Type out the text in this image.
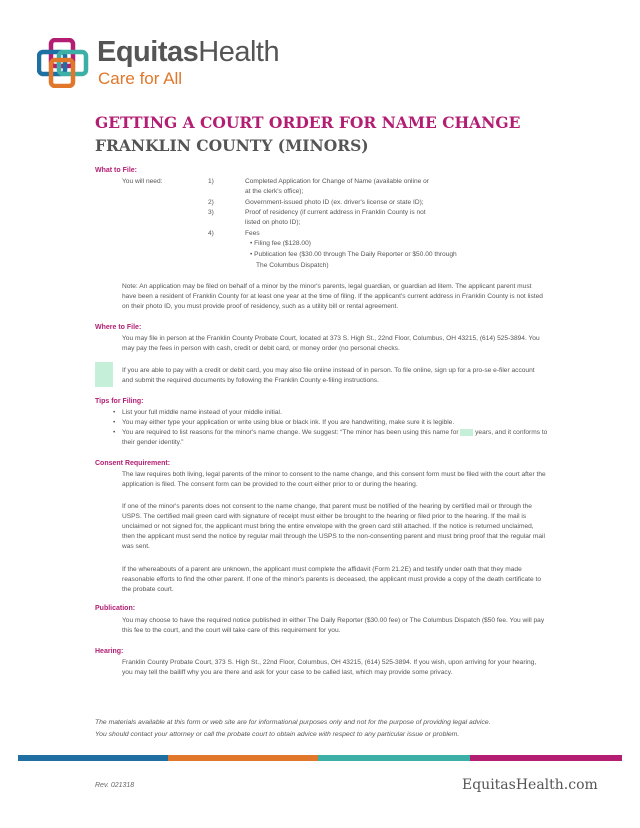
EquitasHealth
Care for All
GETTING A COURT ORDER FOR NAME CHANGE
FRANKLIN COUNTY (MINORS)
What to File:
You will need:	1)	Completed Application for Change of Name (available online or
at the clerk's office);
2)	Government-issued photo ID (ex. driver's license or state ID);
3)	Proof of residency (if current address in Franklin County is not
listed on photo ID);
4)	Fees
• Filing fee ($128.00)
• Publication fee ($30.00 through The Daily Reporter or $50.00 through
The Columbus Dispatch)
Note: An application may be filed on behalf of a minor by the minor's parents, legal guardian, or guardian ad litem. The applicant parent must have been a resident of Franklin County for at least one year at the time of filing. If the applicant's current address in Franklin County is not listed on their photo ID, you must provide proof of residency, such as a utility bill or rental agreement.
Where to File:
You may file in person at the Franklin County Probate Court, located at 373 S. High St., 22nd Floor, Columbus, OH 43215, (614) 525-3894. You may pay the fees in person with cash, credit or debit card, or money order (no personal checks.
If you are able to pay with a credit or debit card, you may also file online instead of in person. To file online, sign up for a pro-se e-filer account and submit the required documents by following the Franklin County e-filing instructions.
Tips for Filing:
• List your full middle name instead of your middle initial.
• You may either type your application or write using blue or black ink. If you are handwriting, make sure it is legible.
• You are required to list reasons for the minor's name change. We suggest: “The minor has been using this name for         years, and it conforms to their gender identity.”
Consent Requirement:
The law requires both living, legal parents of the minor to consent to the name change, and this consent form must be filed with the court after the application is filed. The consent form can be provided to the court either prior to or during the hearing.
If one of the minor's parents does not consent to the name change, that parent must be notified of the hearing by certified mail or through the USPS. The certified mail green card with signature of receipt must either be brought to the hearing or filed prior to the hearing. If the mail is unclaimed or not signed for, the applicant must bring the entire envelope with the green card still attached. If the notice is returned unclaimed, then the applicant must send the notice by regular mail through the USPS to the non-consenting parent and must bring proof that the regular mail was sent.
If the whereabouts of a parent are unknown, the applicant must complete the affidavit (Form 21.2E) and testify under oath that they made reasonable efforts to find the other parent. If one of the minor's parents is deceased, the applicant must provide a copy of the death certificate to the probate court.
Publication:
You may choose to have the required notice published in either The Daily Reporter ($30.00 fee) or The Columbus Dispatch ($50 fee. You will pay this fee to the court, and the court will take care of this requirement for you.
Hearing:
Franklin County Probate Court, 373 S. High St., 22nd Floor, Columbus, OH 43215, (614) 525-3894. If you wish, upon arriving for your hearing, you may tell the bailiff why you are there and ask for your case to be called last, which may provide some privacy.
The materials available at this form or web site are for informational purposes only and not for the purpose of providing legal advice.
You should contact your attorney or call the probate court to obtain advice with respect to any particular issue or problem.
Rev. 021318	EquitasHealth.com
